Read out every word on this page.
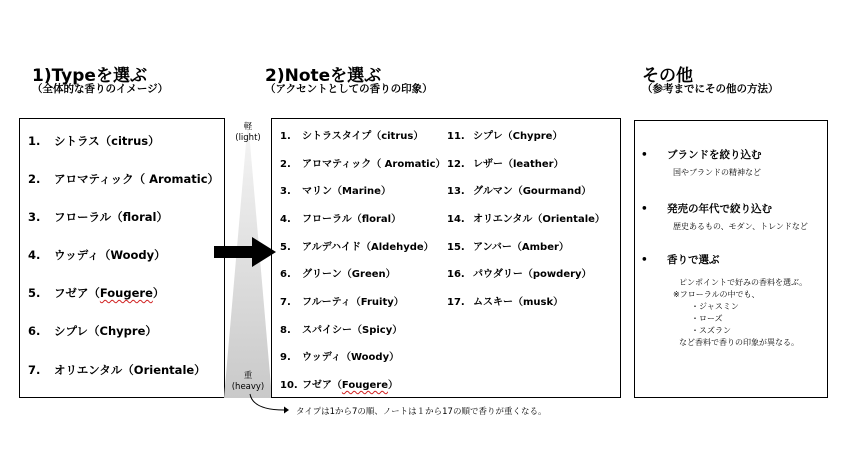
1)Typeを選ぶ
（全体的な香りのイメージ）
2)Noteを選ぶ
（アクセントとしての香りの印象）
その他
（参考までにその他の方法）
1. シトラス（citrus）
2. アロマティック（ Aromatic）
3. フローラル（floral）
4. ウッディ（Woody）
5. フゼア（Fougere）
6. シプレ（Chypre）
7. オリエンタル（Orientale）
軽
(light)
重
(heavy)
1. シトラスタイプ（citrus）
2. アロマティック（ Aromatic）
3. マリン（Marine）
4. フローラル（floral）
5. アルデハイド（Aldehyde）
6. グリーン（Green）
7. フルーティ（Fruity）
8. スパイシー（Spicy）
9. ウッディ（Woody）
10. フゼア（Fougere）
11. シプレ（Chypre）
12. レザー（leather）
13. グルマン（Gourmand）
14. オリエンタル（Orientale）
15. アンバー（Amber）
16. パウダリー（powdery）
17. ムスキー（musk）
タイプは1から7の順、ノートは１から17の順で香りが重くなる。
• ブランドを絞り込む
国やブランドの精神など
• 発売の年代で絞り込む
歴史あるもの、モダン、トレンドなど
• 香りで選ぶ
ピンポイントで好みの香料を選ぶ。
※フローラルの中でも、
・ジャスミン
・ローズ
・スズラン
など香料で香りの印象が異なる。
